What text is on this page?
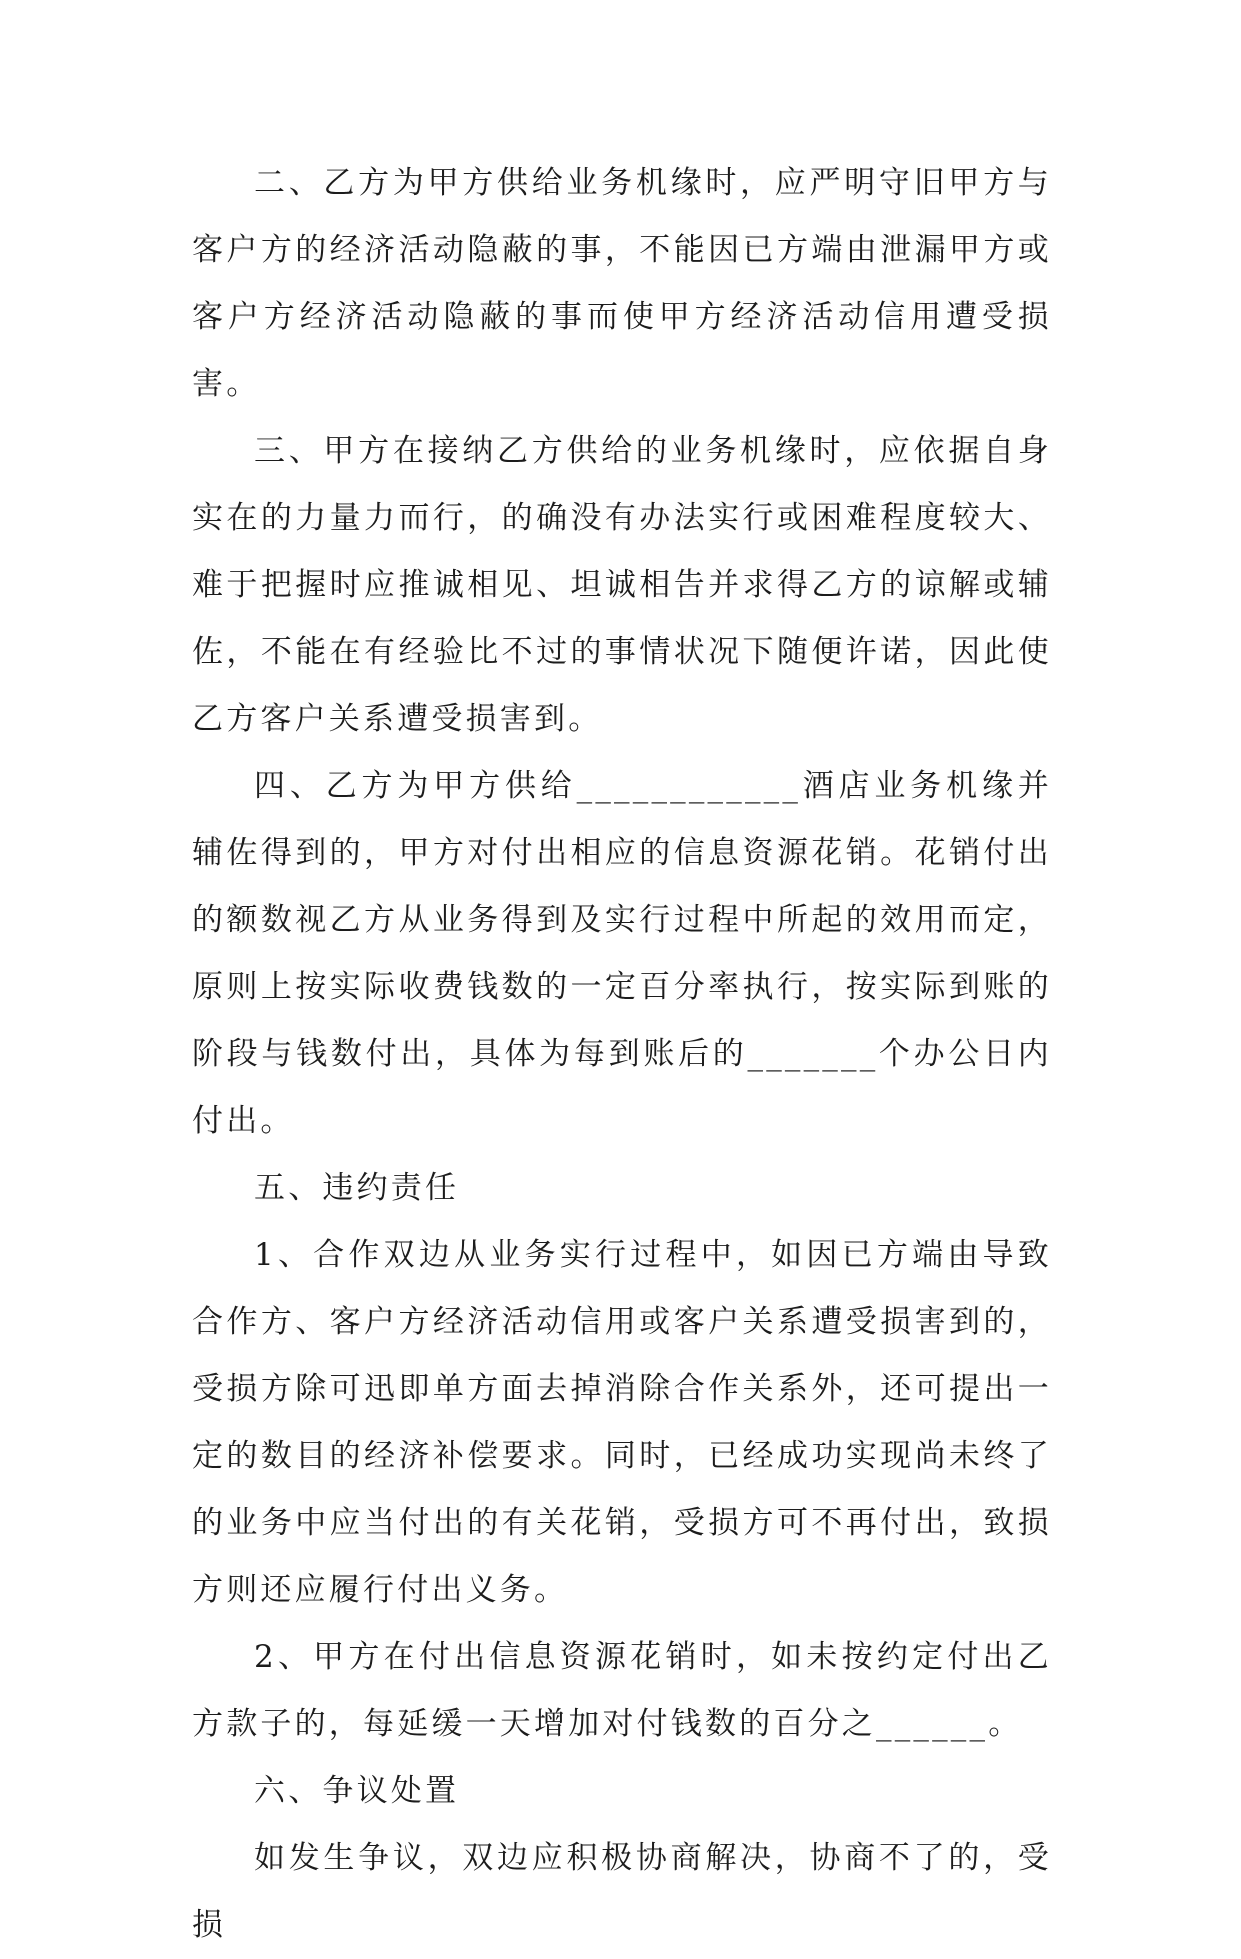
二、乙方为甲方供给业务机缘时，应严明守旧甲方与客户方的经济活动隐蔽的事，不能因已方端由泄漏甲方或客户方经济活动隐蔽的事而使甲方经济活动信用遭受损害。

三、甲方在接纳乙方供给的业务机缘时，应依据自身实在的力量力而行，的确没有办法实行或困难程度较大、难于把握时应推诚相见、坦诚相告并求得乙方的谅解或辅佐，不能在有经验比不过的事情状况下随便许诺，因此使乙方客户关系遭受损害到。

四、乙方为甲方供给____________酒店业务机缘并辅佐得到的，甲方对付出相应的信息资源花销。花销付出的额数视乙方从业务得到及实行过程中所起的效用而定，原则上按实际收费钱数的一定百分率执行，按实际到账的阶段与钱数付出，具体为每到账后的_______个办公日内付出。

五、违约责任

1、合作双边从业务实行过程中，如因已方端由导致合作方、客户方经济活动信用或客户关系遭受损害到的，受损方除可迅即单方面去掉消除合作关系外，还可提出一定的数目的经济补偿要求。同时，已经成功实现尚未终了的业务中应当付出的有关花销，受损方可不再付出，致损方则还应履行付出义务。

2、甲方在付出信息资源花销时，如未按约定付出乙方款子的，每延缓一天增加对付钱数的百分之______。

六、争议处置

如发生争议，双边应积极协商解决，协商不了的，受损
